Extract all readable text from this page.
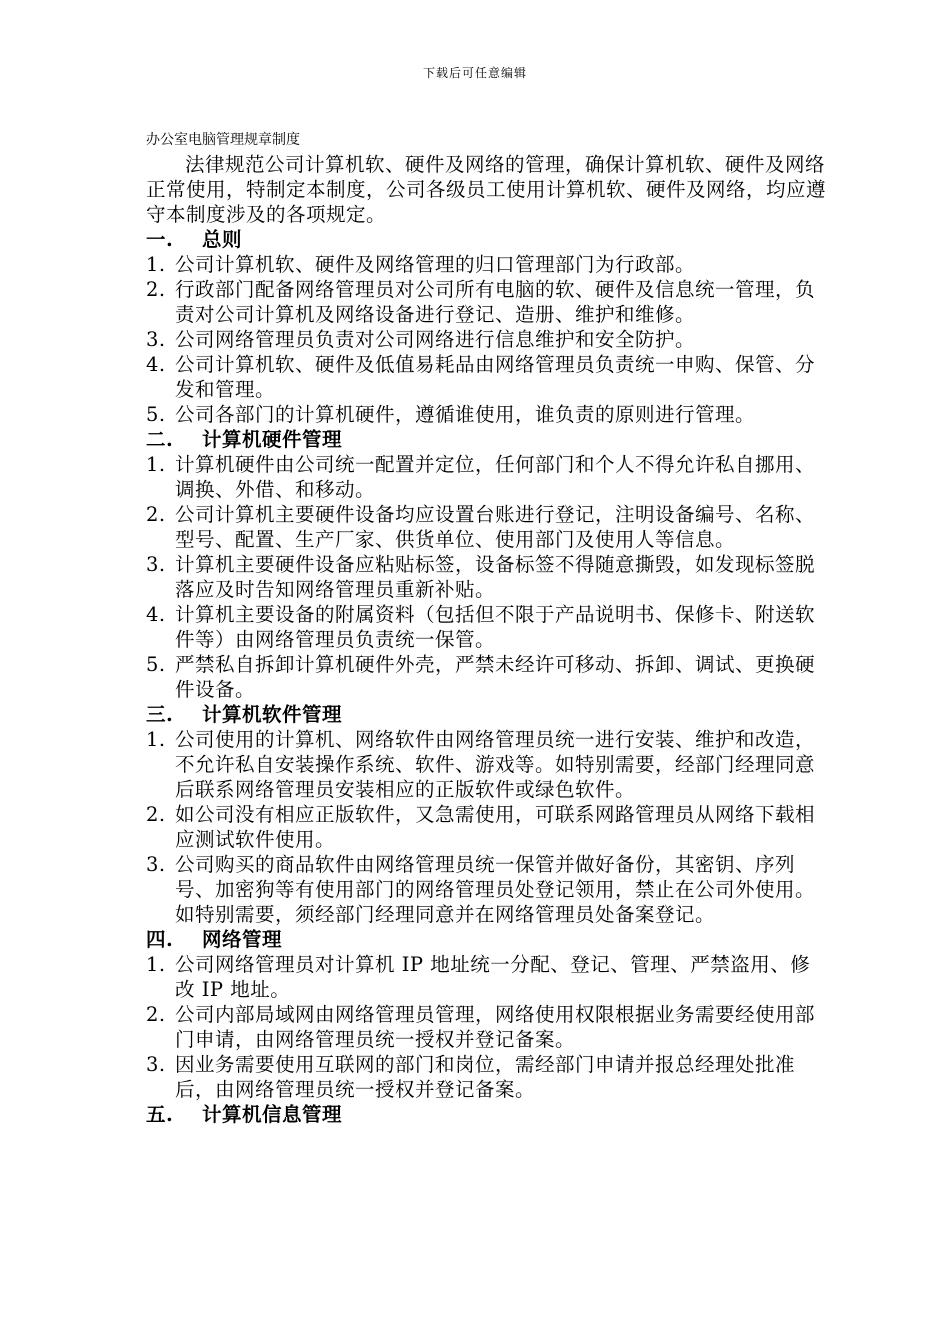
下载后可任意编辑
办公室电脑管理规章制度
法律规范公司计算机软、硬件及网络的管理，确保计算机软、硬件及网络正常使用，特制定本制度，公司各级员工使用计算机软、硬件及网络，均应遵守本制度涉及的各项规定。
一.	总则
1. 公司计算机软、硬件及网络管理的归口管理部门为行政部。
2. 行政部门配备网络管理员对公司所有电脑的软、硬件及信息统一管理，负责对公司计算机及网络设备进行登记、造册、维护和维修。
3. 公司网络管理员负责对公司网络进行信息维护和安全防护。
4. 公司计算机软、硬件及低值易耗品由网络管理员负责统一申购、保管、分发和管理。
5. 公司各部门的计算机硬件，遵循谁使用，谁负责的原则进行管理。
二.	计算机硬件管理
1. 计算机硬件由公司统一配置并定位，任何部门和个人不得允许私自挪用、调换、外借、和移动。
2. 公司计算机主要硬件设备均应设置台账进行登记，注明设备编号、名称、型号、配置、生产厂家、供货单位、使用部门及使用人等信息。
3. 计算机主要硬件设备应粘贴标签，设备标签不得随意撕毁，如发现标签脱落应及时告知网络管理员重新补贴。
4. 计算机主要设备的附属资料（包括但不限于产品说明书、保修卡、附送软件等）由网络管理员负责统一保管。
5. 严禁私自拆卸计算机硬件外壳，严禁未经许可移动、拆卸、调试、更换硬件设备。
三.	计算机软件管理
1. 公司使用的计算机、网络软件由网络管理员统一进行安装、维护和改造，不允许私自安装操作系统、软件、游戏等。如特别需要，经部门经理同意后联系网络管理员安装相应的正版软件或绿色软件。
2. 如公司没有相应正版软件，又急需使用，可联系网路管理员从网络下载相应测试软件使用。
3. 公司购买的商品软件由网络管理员统一保管并做好备份，其密钥、序列号、加密狗等有使用部门的网络管理员处登记领用，禁止在公司外使用。如特别需要，须经部门经理同意并在网络管理员处备案登记。
四.	网络管理
1. 公司网络管理员对计算机 IP 地址统一分配、登记、管理、严禁盗用、修改 IP 地址。
2. 公司内部局域网由网络管理员管理，网络使用权限根据业务需要经使用部门申请，由网络管理员统一授权并登记备案。
3. 因业务需要使用互联网的部门和岗位，需经部门申请并报总经理处批准后，由网络管理员统一授权并登记备案。
五.	计算机信息管理
